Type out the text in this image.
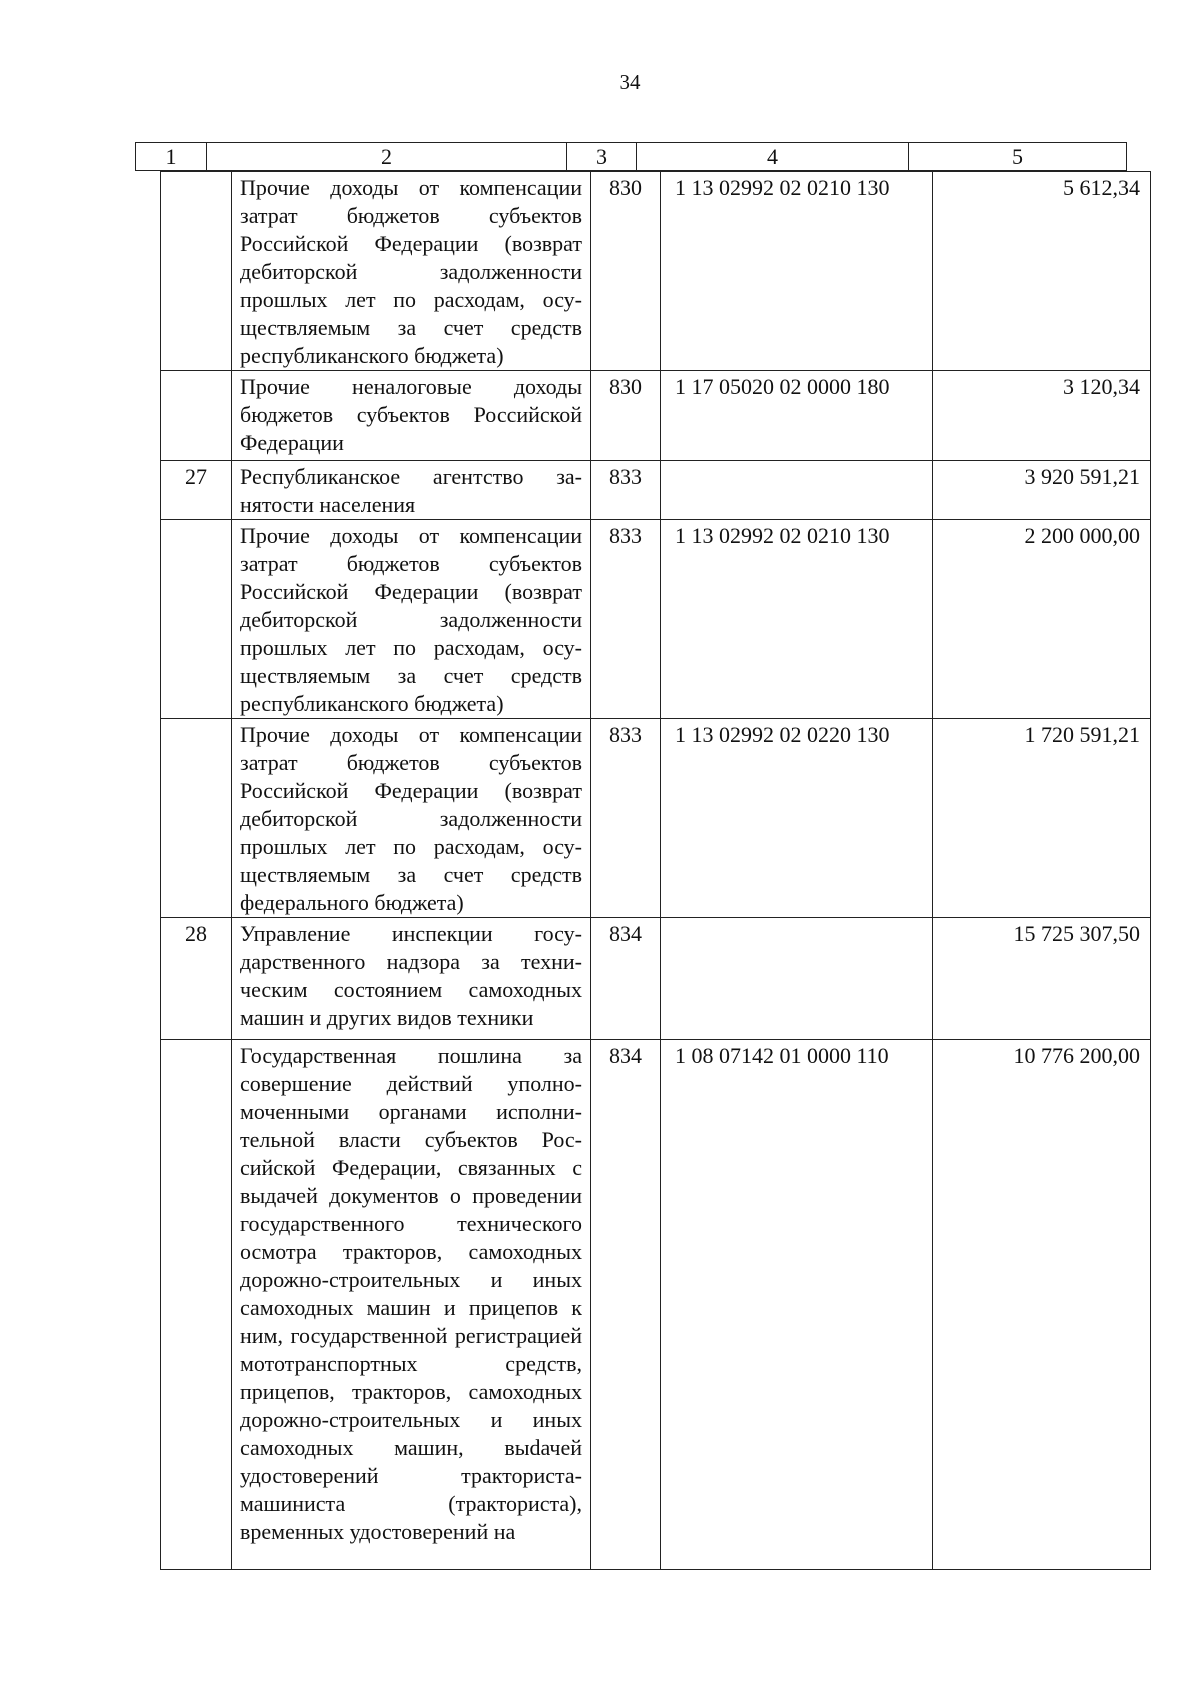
34
1	2	3	4	5
	Прочие доходы от компенсации затрат бюджетов субъектов Российской Федерации (возврат дебиторской задолженности прошлых лет по расходам, осуществляемым за счет средств республиканского бюджета)	830	1 13 02992 02 0210 130	5 612,34
	Прочие неналоговые доходы бюджетов субъектов Российской Федерации	830	1 17 05020 02 0000 180	3 120,34
27	Республиканское агентство занятости населения	833		3 920 591,21
	Прочие доходы от компенсации затрат бюджетов субъектов Российской Федерации (возврат дебиторской задолженности прошлых лет по расходам, осуществляемым за счет средств республиканского бюджета)	833	1 13 02992 02 0210 130	2 200 000,00
	Прочие доходы от компенсации затрат бюджетов субъектов Российской Федерации (возврат дебиторской задолженности прошлых лет по расходам, осуществляемым за счет средств федерального бюджета)	833	1 13 02992 02 0220 130	1 720 591,21
28	Управление инспекции государственного надзора за техническим состоянием самоходных машин и других видов техники	834		15 725 307,50
	Государственная пошлина за совершение действий уполномоченными органами исполнительной власти субъектов Российской Федерации, связанных с выдачей документов о проведении государственного технического осмотра тракторов, самоходных дорожно-строительных и иных самоходных машин и прицепов к ним, государственной регистрацией мототранспортных средств, прицепов, тракторов, самоходных дорожно-строительных и иных самоходных машин, выdачей удостоверений тракториста-машиниста (тракториста), временных удостоверений на	834	1 08 07142 01 0000 110	10 776 200,00
